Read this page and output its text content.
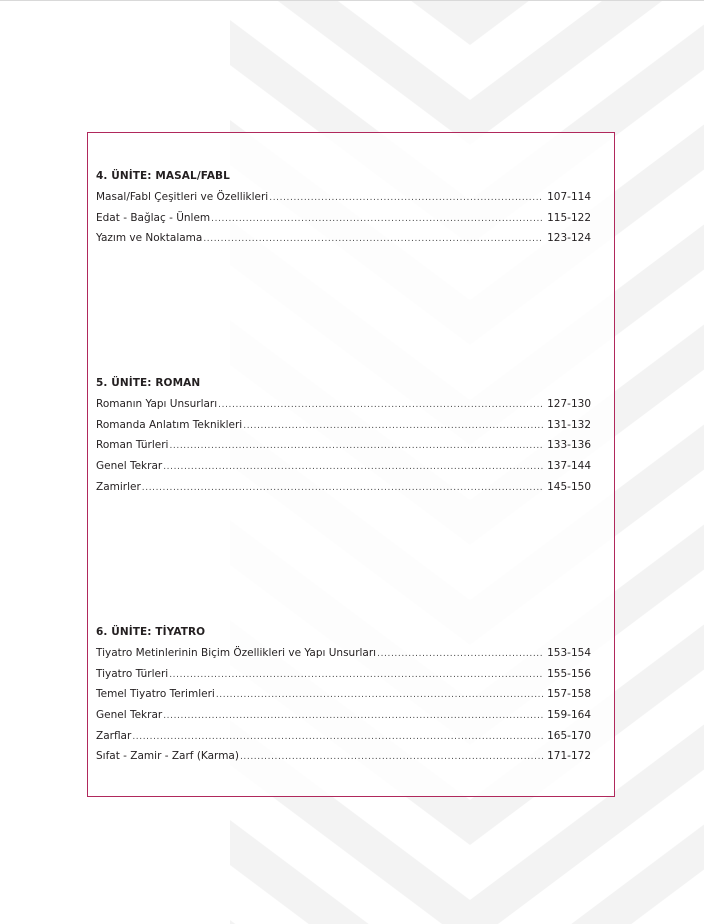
4. ÜNİTE: MASAL/FABL
Masal/Fabl Çeşitleri ve Özellikleri .....	107-114
Edat - Bağlaç - Ünlem .....	115-122
Yazım ve Noktalama .....	123-124
5. ÜNİTE: ROMAN
Romanın Yapı Unsurları .....	127-130
Romanda Anlatım Teknikleri .....	131-132
Roman Türleri .....	133-136
Genel Tekrar .....	137-144
Zamirler .....	145-150
6. ÜNİTE: TİYATRO
Tiyatro Metinlerinin Biçim Özellikleri ve Yapı Unsurları .....	153-154
Tiyatro Türleri .....	155-156
Temel Tiyatro Terimleri .....	157-158
Genel Tekrar .....	159-164
Zarflar .....	165-170
Sıfat - Zamir - Zarf (Karma) .....	171-172
